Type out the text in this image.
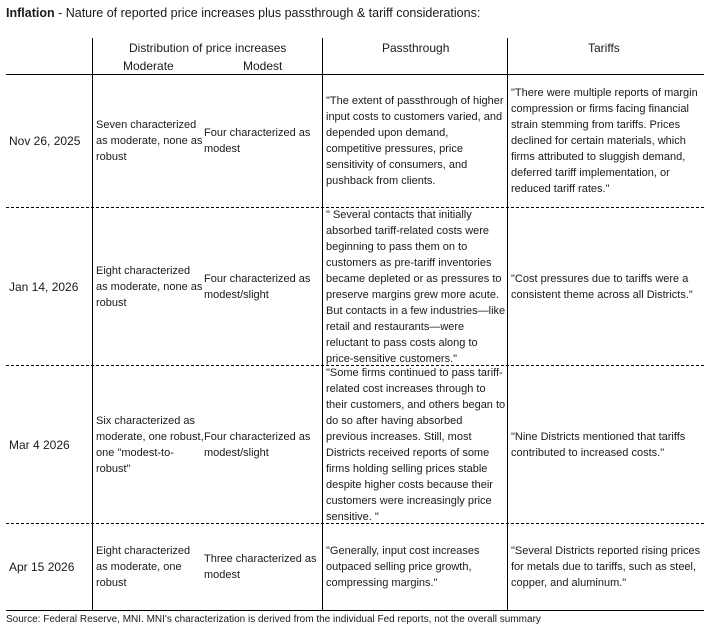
Inflation - Nature of reported price increases plus passthrough & tariff considerations:
Distribution of price increases
Moderate	Modest
Passthrough	Tariffs
Nov 26, 2025
Seven characterized as moderate, none as robust
Four characterized as modest
"The extent of passthrough of higher input costs to customers varied, and depended upon demand, competitive pressures, price sensitivity of consumers, and pushback from clients.
"There were multiple reports of margin compression or firms facing financial strain stemming from tariffs. Prices declined for certain materials, which firms attributed to sluggish demand, deferred tariff implementation, or reduced tariff rates."
Jan 14, 2026
Eight characterized as moderate, none as robust
Four characterized as modest/slight
" Several contacts that initially absorbed tariff-related costs were beginning to pass them on to customers as pre-tariff inventories became depleted or as pressures to preserve margins grew more acute. But contacts in a few industries—like retail and restaurants—were reluctant to pass costs along to price-sensitive customers."
"Cost pressures due to tariffs were a consistent theme across all Districts."
Mar 4 2026
Six characterized as moderate, one robust, one "modest-to-robust"
Four characterized as modest/slight
"Some firms continued to pass tariff-related cost increases through to their customers, and others began to do so after having absorbed previous increases. Still, most Districts received reports of some firms holding selling prices stable despite higher costs because their customers were increasingly price sensitive. "
"Nine Districts mentioned that tariffs contributed to increased costs."
Apr 15 2026
Eight characterized as moderate, one robust
Three characterized as modest
"Generally, input cost increases outpaced selling price growth, compressing margins."
"Several Districts reported rising prices for metals due to tariffs, such as steel, copper, and aluminum."
Source: Federal Reserve, MNI. MNI's characterization is derived from the individual Fed reports, not the overall summary
